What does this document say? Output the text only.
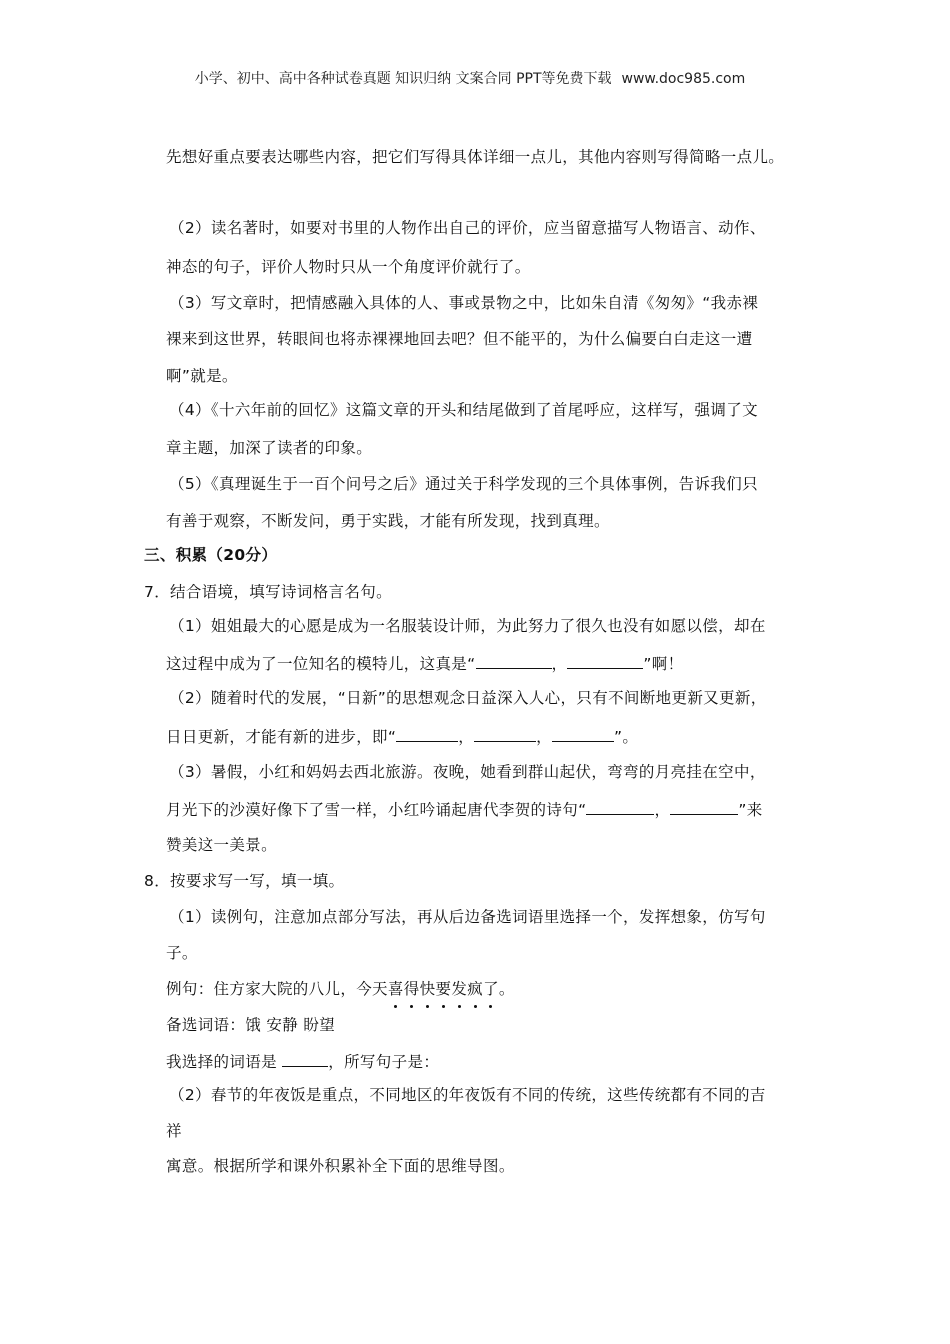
小学、初中、高中各种试卷真题 知识归纳 文案合同 PPT等免费下载 www.doc985.com
先想好重点要表达哪些内容，把它们写得具体详细一点儿，其他内容则写得简略一点儿。
（2）读名著时，如要对书里的人物作出自己的评价，应当留意描写人物语言、动作、
神态的句子，评价人物时只从一个角度评价就行了。
（3）写文章时，把情感融入具体的人、事或景物之中，比如朱自清《匆匆》“我赤裸
裸来到这世界，转眼间也将赤裸裸地回去吧？但不能平的，为什么偏要白白走这一遭
啊”就是。
（4）《十六年前的回忆》这篇文章的开头和结尾做到了首尾呼应，这样写，强调了文
章主题，加深了读者的印象。
（5）《真理诞生于一百个问号之后》通过关于科学发现的三个具体事例，告诉我们只
有善于观察，不断发问，勇于实践，才能有所发现，找到真理。
三、积累（20分）
7．结合语境，填写诗词格言名句。
（1）姐姐最大的心愿是成为一名服装设计师，为此努力了很久也没有如愿以偿，却在
这过程中成为了一位知名的模特儿，这真是“	，	”啊！
（2）随着时代的发展，“日新”的思想观念日益深入人心，只有不间断地更新又更新，
日日更新，才能有新的进步，即“	，	，	”。
（3）暑假，小红和妈妈去西北旅游。夜晚，她看到群山起伏，弯弯的月亮挂在空中，
月光下的沙漠好像下了雪一样，小红吟诵起唐代李贺的诗句“	，	”来
赞美这一美景。
8．按要求写一写，填一填。
（1）读例句，注意加点部分写法，再从后边备选词语里选择一个，发挥想象，仿写句
子。
例句：住方家大院的八儿，今天喜得快要发疯了。
备选词语：饿 安静 盼望
我选择的词语是	，所写句子是：
（2）春节的年夜饭是重点，不同地区的年夜饭有不同的传统，这些传统都有不同的吉
祥
寓意。根据所学和课外积累补全下面的思维导图。
